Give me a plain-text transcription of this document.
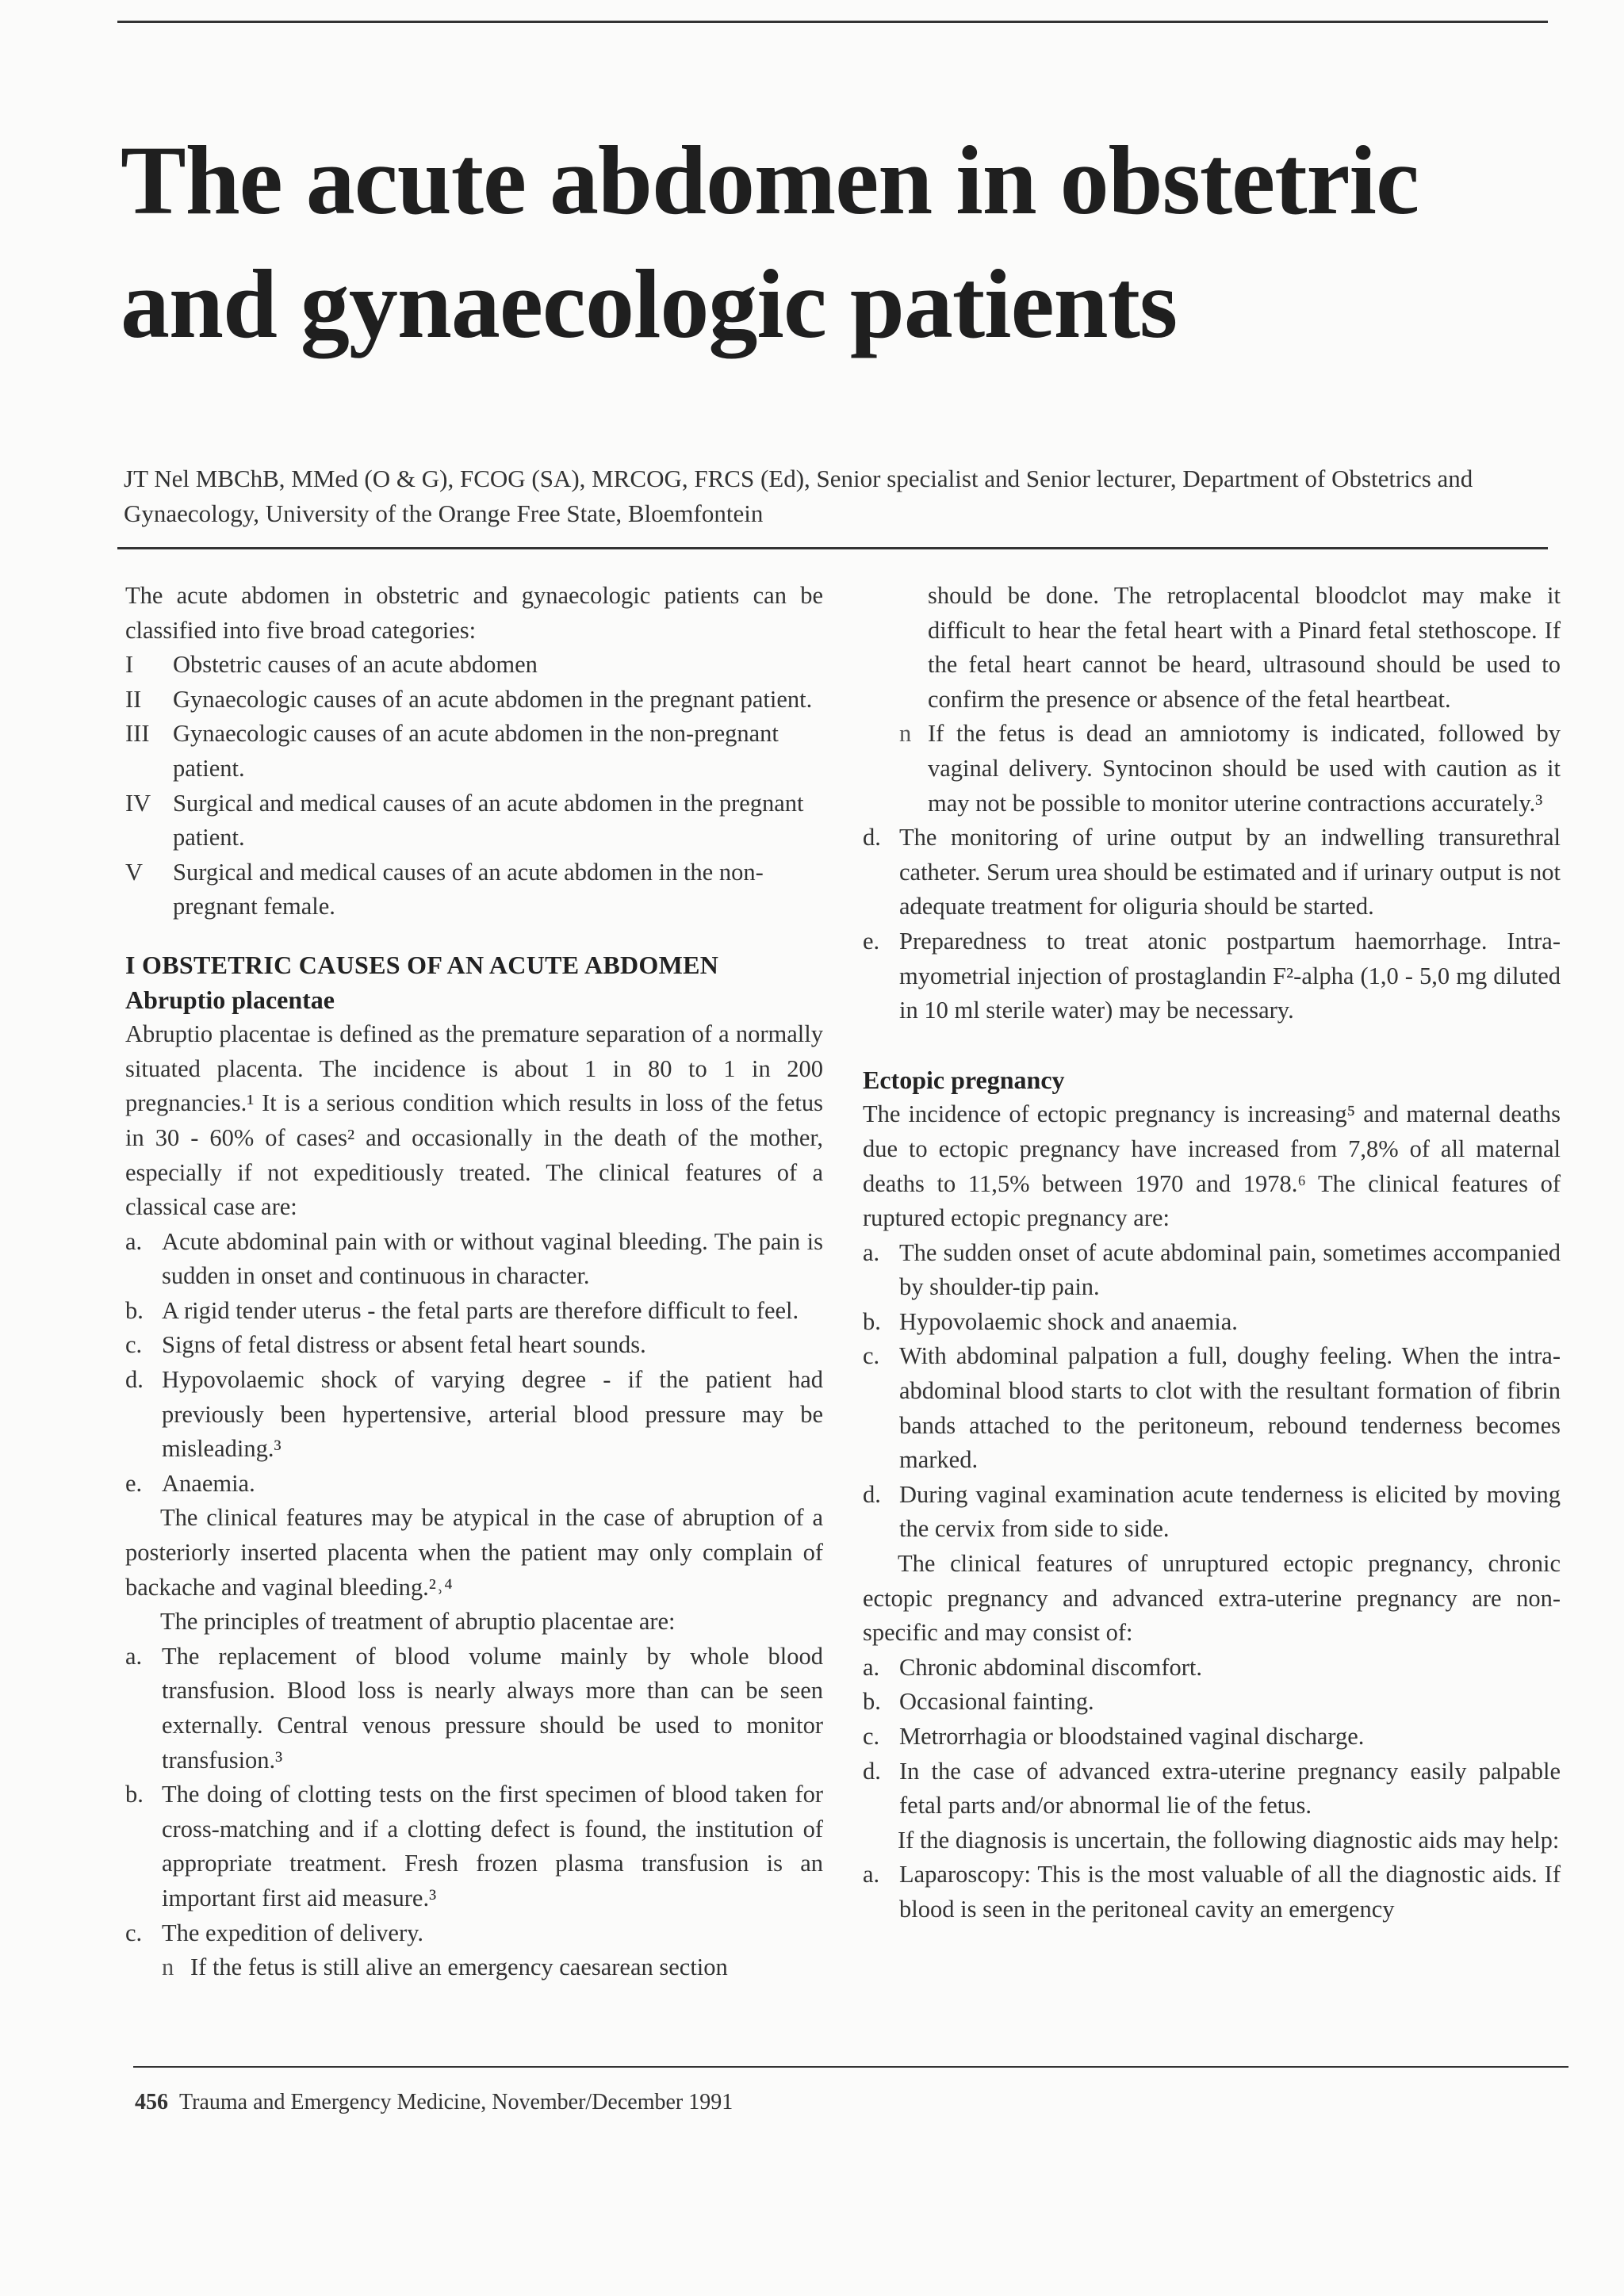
The acute abdomen in obstetric and gynaecologic patients
JT Nel MBChB, MMed (O & G), FCOG (SA), MRCOG, FRCS (Ed), Senior specialist and Senior lecturer, Department of Obstetrics and Gynaecology, University of the Orange Free State, Bloemfontein

The acute abdomen in obstetric and gynaecologic patients can be classified into five broad categories:

I	Obstetric causes of an acute abdomen
II	Gynaecologic causes of an acute abdomen in the pregnant patient.
III Gynaecologic causes of an acute abdomen in the non-pregnant patient.
IV Surgical and medical causes of an acute abdomen in the pregnant patient.
V	Surgical and medical causes of an acute abdomen in the non-pregnant female.
I OBSTETRIC CAUSES OF AN ACUTE ABDOMEN
Abruptio placentae

Abruptio placentae is defined as the premature separation of a normally situated placenta. The incidence is about 1 in 80 to 1 in 200 pregnancies.¹ It is a serious condition which results in loss of the fetus in 30 - 60% of cases² and occasionally in the death of the mother, especially if not expeditiously treated. The clinical features of a classical case are:

a. Acute abdominal pain with or without vaginal bleeding. The pain is sudden in onset and continuous in character.
b. A rigid tender uterus - the fetal parts are therefore difficult to feel.
c. Signs of fetal distress or absent fetal heart sounds.
d. Hypovolaemic shock of varying degree - if the patient had previously been hypertensive, arterial blood pressure may be misleading.³
e. Anaemia.

The clinical features may be atypical in the case of abruption of a posteriorly inserted placenta when the patient may only complain of backache and vaginal bleeding.²˒⁴

The principles of treatment of abruptio placentae are:

a. The replacement of blood volume mainly by whole blood transfusion. Blood loss is nearly always more than can be seen externally. Central venous pressure should be used to monitor transfusion.³
b. The doing of clotting tests on the first specimen of blood taken for cross-matching and if a clotting defect is found, the institution of appropriate treatment. Fresh frozen plasma transfusion is an important first aid measure.³
c. The expedition of delivery.
n If the fetus is still alive an emergency caesarean section
should be done. The retroplacental bloodclot may make it difficult to hear the fetal heart with a Pinard fetal stethoscope. If the fetal heart cannot be heard, ultrasound should be used to confirm the presence or absence of the fetal heartbeat.
n If the fetus is dead an amniotomy is indicated, followed by vaginal delivery. Syntocinon should be used with caution as it may not be possible to monitor uterine contractions accurately.³
d. The monitoring of urine output by an indwelling transurethral catheter. Serum urea should be estimated and if urinary output is not adequate treatment for oliguria should be started.
e. Preparedness to treat atonic postpartum haemorrhage. Intra-myometrial injection of prostaglandin F²-alpha (1,0 - 5,0 mg diluted in 10 ml sterile water) may be necessary.
Ectopic pregnancy

The incidence of ectopic pregnancy is increasing⁵ and maternal deaths due to ectopic pregnancy have increased from 7,8% of all maternal deaths to 11,5% between 1970 and 1978.⁶ The clinical features of ruptured ectopic pregnancy are:

a. The sudden onset of acute abdominal pain, sometimes accompanied by shoulder-tip pain.
b. Hypovolaemic shock and anaemia.
c. With abdominal palpation a full, doughy feeling. When the intra-abdominal blood starts to clot with the resultant formation of fibrin bands attached to the peritoneum, rebound tenderness becomes marked.
d. During vaginal examination acute tenderness is elicited by moving the cervix from side to side.

The clinical features of unruptured ectopic pregnancy, chronic ectopic pregnancy and advanced extra-uterine pregnancy are non-specific and may consist of:

a. Chronic abdominal discomfort.
b. Occasional fainting.
c. Metrorrhagia or bloodstained vaginal discharge.
d. In the case of advanced extra-uterine pregnancy easily palpable fetal parts and/or abnormal lie of the fetus.

If the diagnosis is uncertain, the following diagnostic aids may help:

a. Laparoscopy: This is the most valuable of all the diagnostic aids. If blood is seen in the peritoneal cavity an emergency
456 Trauma and Emergency Medicine, November/December 1991
